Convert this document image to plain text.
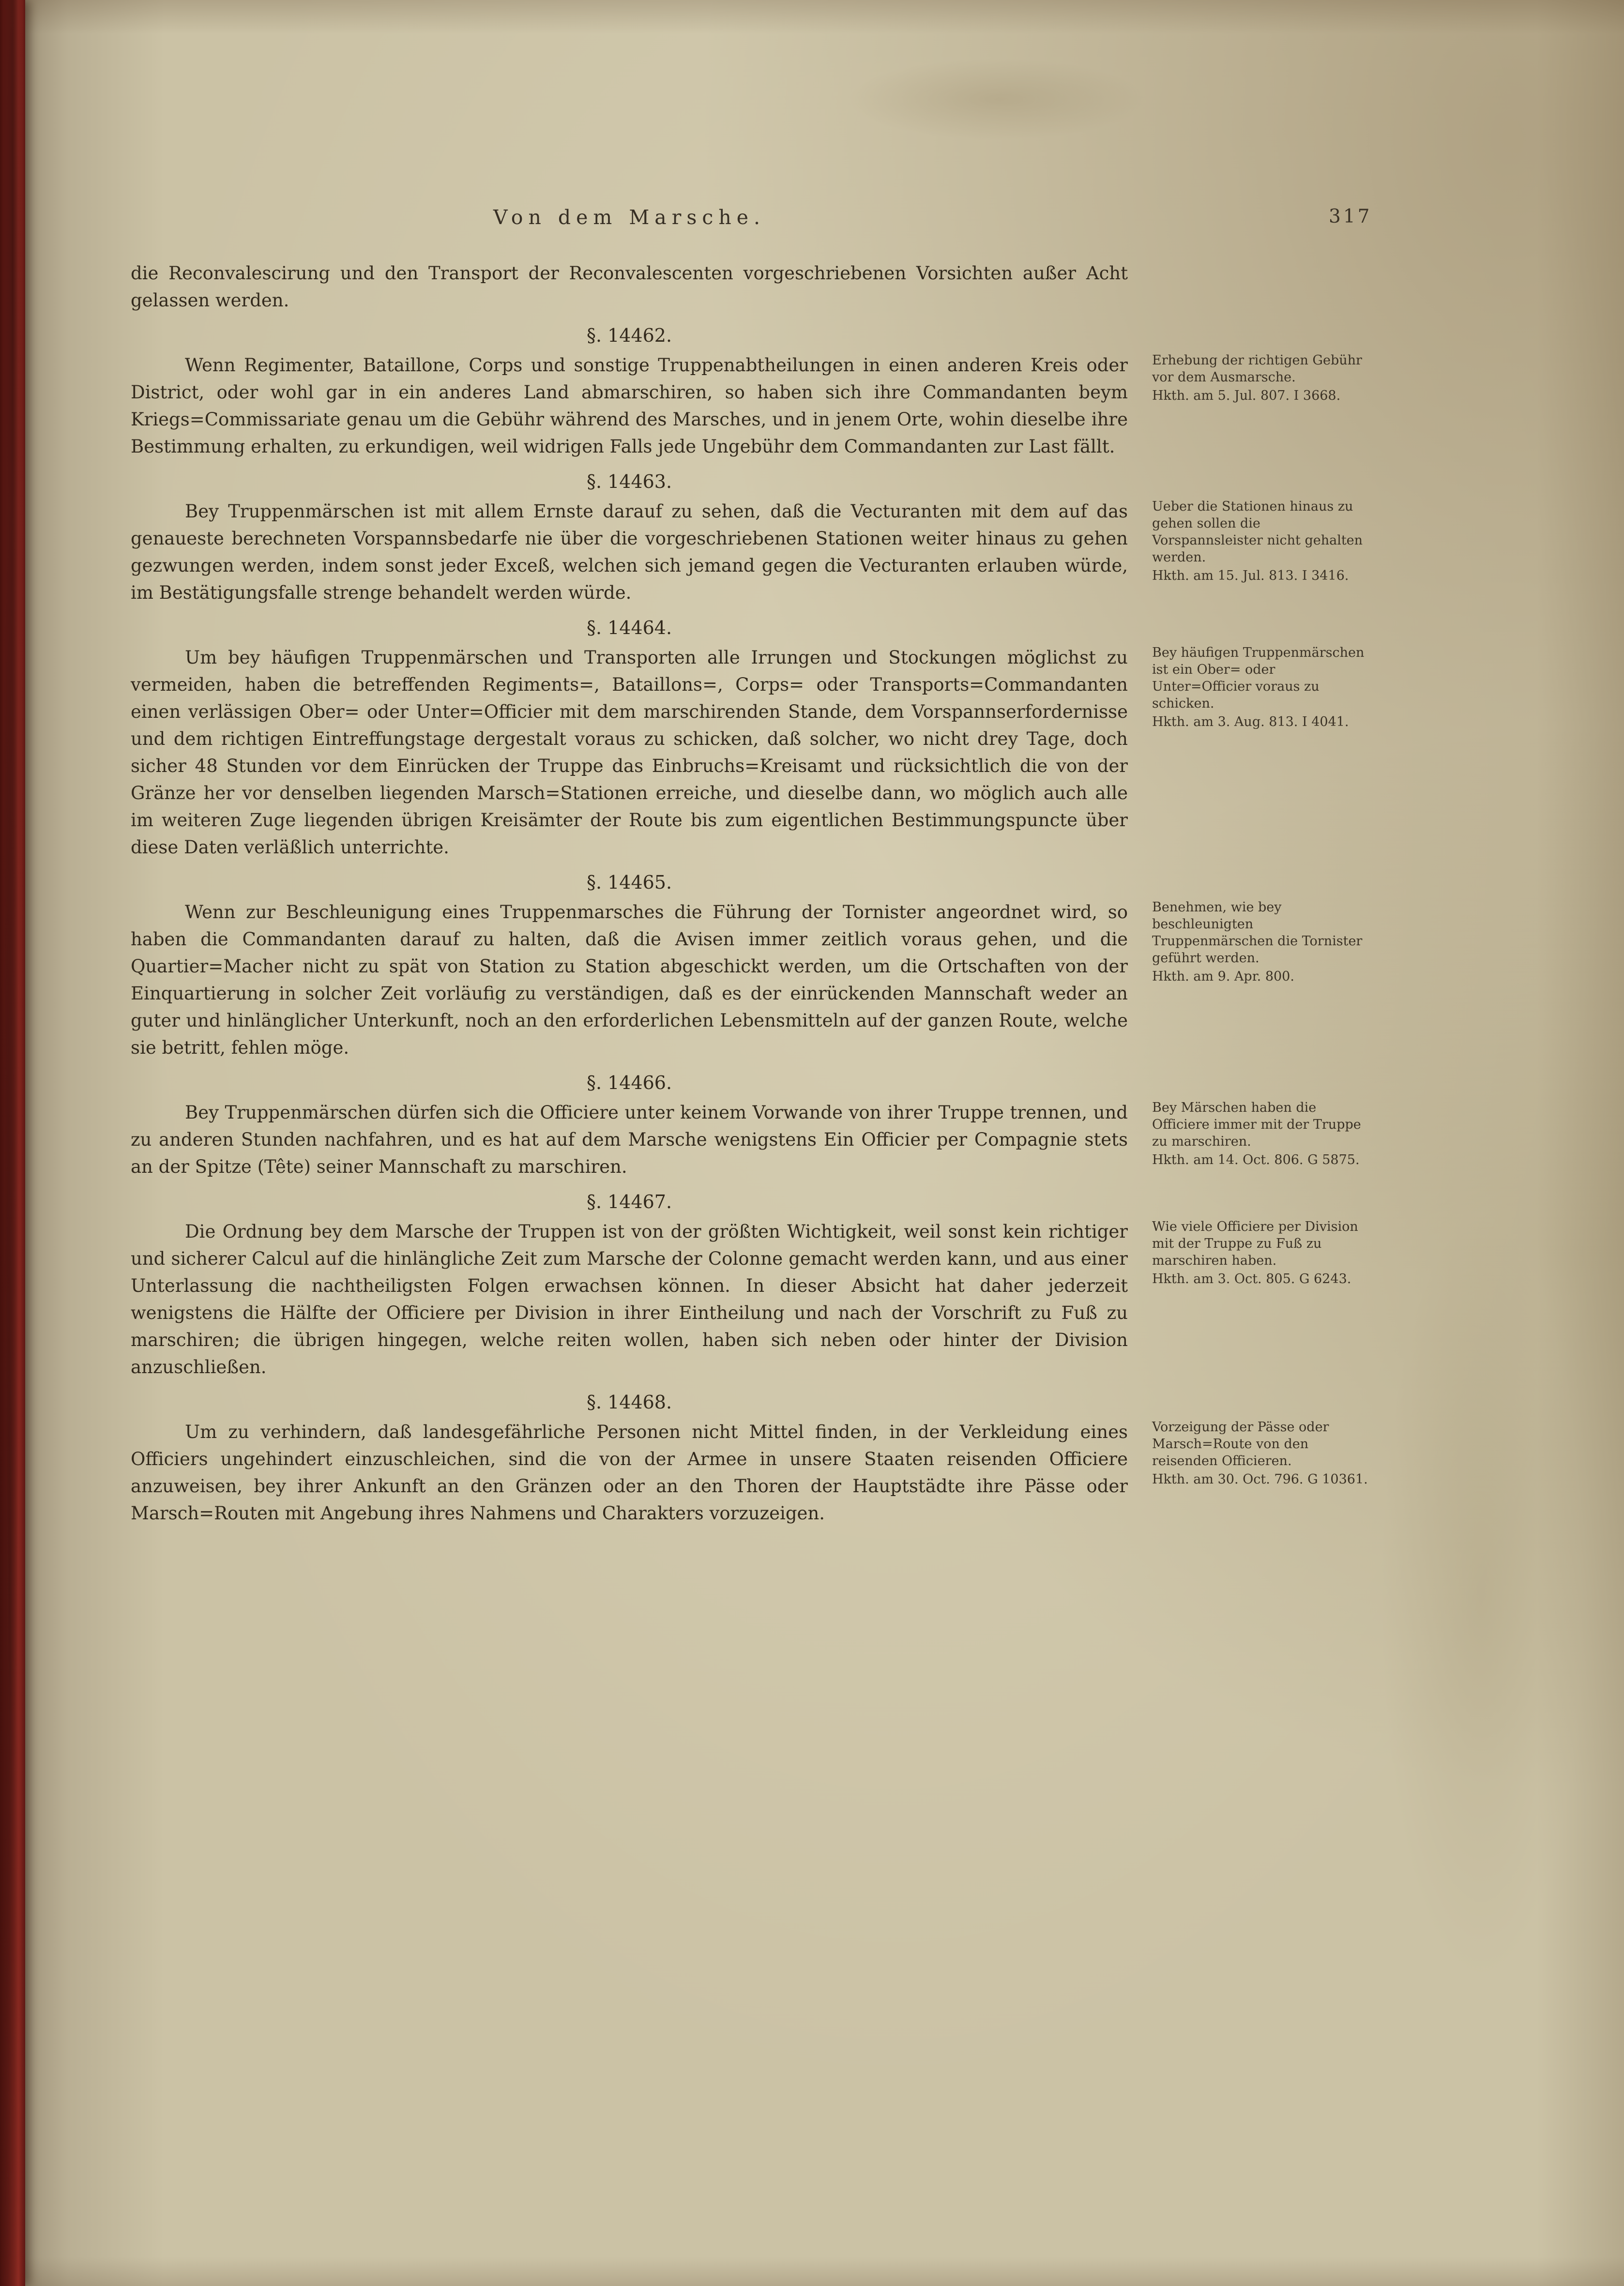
Von dem Marsche.	317

die Reconvalescirung und den Transport der Reconvalescenten vorgeschriebenen Vorsichten außer Acht gelassen werden.

§. 14462.

Wenn Regimenter, Bataillone, Corps und sonstige Truppenabtheilungen in einen anderen Kreis oder District, oder wohl gar in ein anderes Land abmarschiren, so haben sich ihre Commandanten beym Kriegs=Commissariate genau um die Gebühr während des Marsches, und in jenem Orte, wohin dieselbe ihre Bestimmung erhalten, zu erkundigen, weil widrigen Falls jede Ungebühr dem Commandanten zur Last fällt.

Erhebung der richtigen Gebühr vor dem Ausmarsche.
Hkth. am 5. Jul. 807. I 3668.
§. 14463.

Bey Truppenmärschen ist mit allem Ernste darauf zu sehen, daß die Vecturanten mit dem auf das genaueste berechneten Vorspannsbedarfe nie über die vorgeschriebenen Stationen weiter hinaus zu gehen gezwungen werden, indem sonst jeder Exceß, welchen sich jemand gegen die Vecturanten erlauben würde, im Bestätigungsfalle strenge behandelt werden würde.

Ueber die Stationen hinaus zu gehen sollen die Vorspannsleister nicht gehalten werden.
Hkth. am 15. Jul. 813. I 3416.
§. 14464.

Um bey häufigen Truppenmärschen und Transporten alle Irrungen und Stockungen möglichst zu vermeiden, haben die betreffenden Regiments=, Bataillons=, Corps= oder Transports=Commandanten einen verlässigen Ober= oder Unter=Officier mit dem marschirenden Stande, dem Vorspannserfordernisse und dem richtigen Eintreffungstage dergestalt voraus zu schicken, daß solcher, wo nicht drey Tage, doch sicher 48 Stunden vor dem Einrücken der Truppe das Einbruchs=Kreisamt und rücksichtlich die von der Gränze her vor denselben liegenden Marsch=Stationen erreiche, und dieselbe dann, wo möglich auch alle im weiteren Zuge liegenden übrigen Kreisämter der Route bis zum eigentlichen Bestimmungspuncte über diese Daten verläßlich unterrichte.

Bey häufigen Truppenmärschen ist ein Ober= oder Unter=Officier voraus zu schicken.
Hkth. am 3. Aug. 813. I 4041.
§. 14465.

Wenn zur Beschleunigung eines Truppenmarsches die Führung der Tornister angeordnet wird, so haben die Commandanten darauf zu halten, daß die Avisen immer zeitlich voraus gehen, und die Quartier=Macher nicht zu spät von Station zu Station abgeschickt werden, um die Ortschaften von der Einquartierung in solcher Zeit vorläufig zu verständigen, daß es der einrückenden Mannschaft weder an guter und hinlänglicher Unterkunft, noch an den erforderlichen Lebensmitteln auf der ganzen Route, welche sie betritt, fehlen möge.

Benehmen, wie bey beschleunigten Truppenmärschen die Tornister geführt werden.
Hkth. am 9. Apr. 800.
§. 14466.

Bey Truppenmärschen dürfen sich die Officiere unter keinem Vorwande von ihrer Truppe trennen, und zu anderen Stunden nachfahren, und es hat auf dem Marsche wenigstens Ein Officier per Compagnie stets an der Spitze (Tête) seiner Mannschaft zu marschiren.

Bey Märschen haben die Officiere immer mit der Truppe zu marschiren.
Hkth. am 14. Oct. 806. G 5875.
§. 14467.

Die Ordnung bey dem Marsche der Truppen ist von der größten Wichtigkeit, weil sonst kein richtiger und sicherer Calcul auf die hinlängliche Zeit zum Marsche der Colonne gemacht werden kann, und aus einer Unterlassung die nachtheiligsten Folgen erwachsen können. In dieser Absicht hat daher jederzeit wenigstens die Hälfte der Officiere per Division in ihrer Eintheilung und nach der Vorschrift zu Fuß zu marschiren; die übrigen hingegen, welche reiten wollen, haben sich neben oder hinter der Division anzuschließen.

Wie viele Officiere per Division mit der Truppe zu Fuß zu marschiren haben.
Hkth. am 3. Oct. 805. G 6243.
§. 14468.

Um zu verhindern, daß landesgefährliche Personen nicht Mittel finden, in der Verkleidung eines Officiers ungehindert einzuschleichen, sind die von der Armee in unsere Staaten reisenden Officiere anzuweisen, bey ihrer Ankunft an den Gränzen oder an den Thoren der Hauptstädte ihre Pässe oder Marsch=Routen mit Angebung ihres Nahmens und Charakters vorzuzeigen.

Vorzeigung der Pässe oder Marsch=Route von den reisenden Officieren.
Hkth. am 30. Oct. 796. G 10361.
